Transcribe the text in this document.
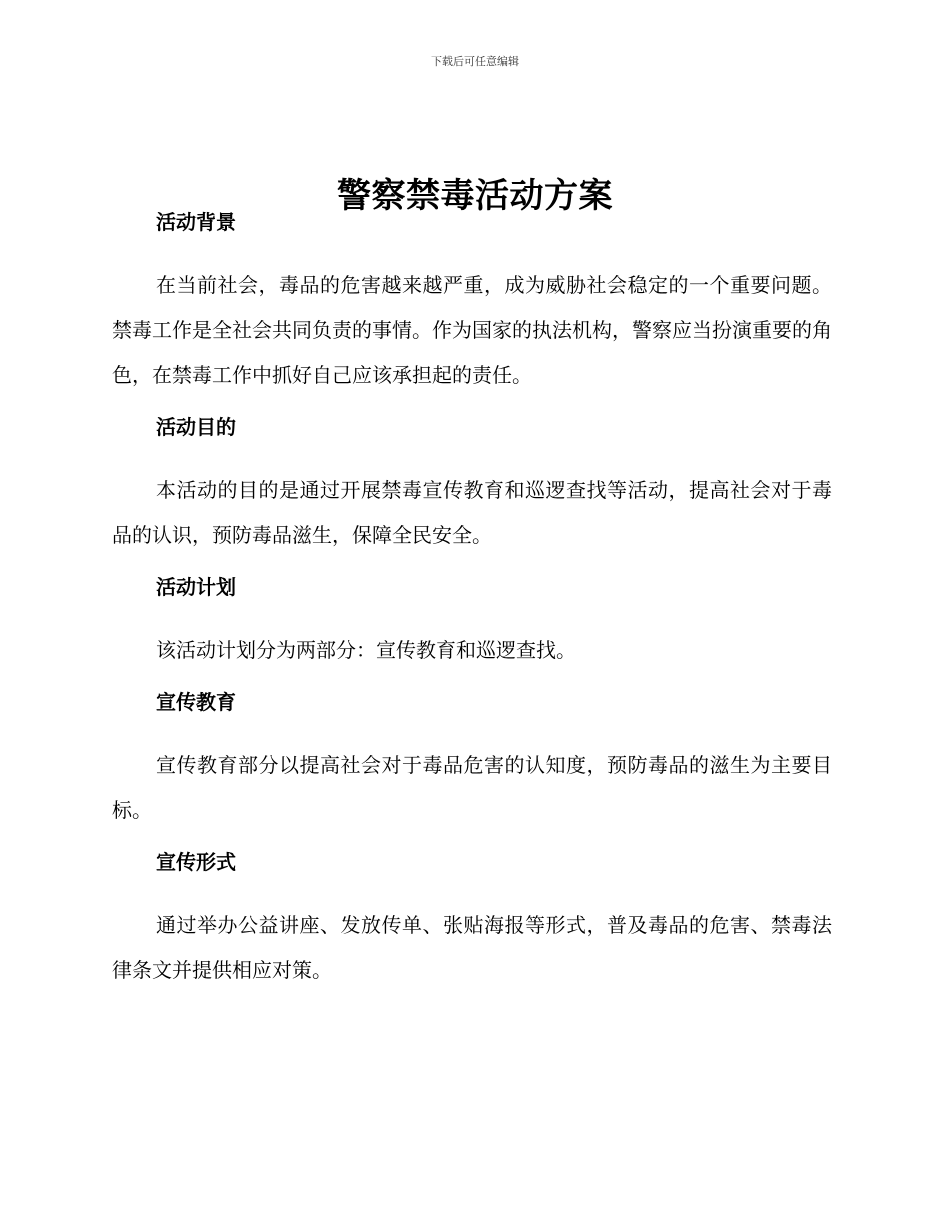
下载后可任意编辑
警察禁毒活动方案
活动背景

在当前社会，毒品的危害越来越严重，成为威胁社会稳定的一个重要问题。禁毒工作是全社会共同负责的事情。作为国家的执法机构，警察应当扮演重要的角色，在禁毒工作中抓好自己应该承担起的责任。

活动目的

本活动的目的是通过开展禁毒宣传教育和巡逻查找等活动，提高社会对于毒品的认识，预防毒品滋生，保障全民安全。

活动计划

该活动计划分为两部分：宣传教育和巡逻查找。

宣传教育

宣传教育部分以提高社会对于毒品危害的认知度，预防毒品的滋生为主要目标。

宣传形式

通过举办公益讲座、发放传单、张贴海报等形式，普及毒品的危害、禁毒法律条文并提供相应对策。
